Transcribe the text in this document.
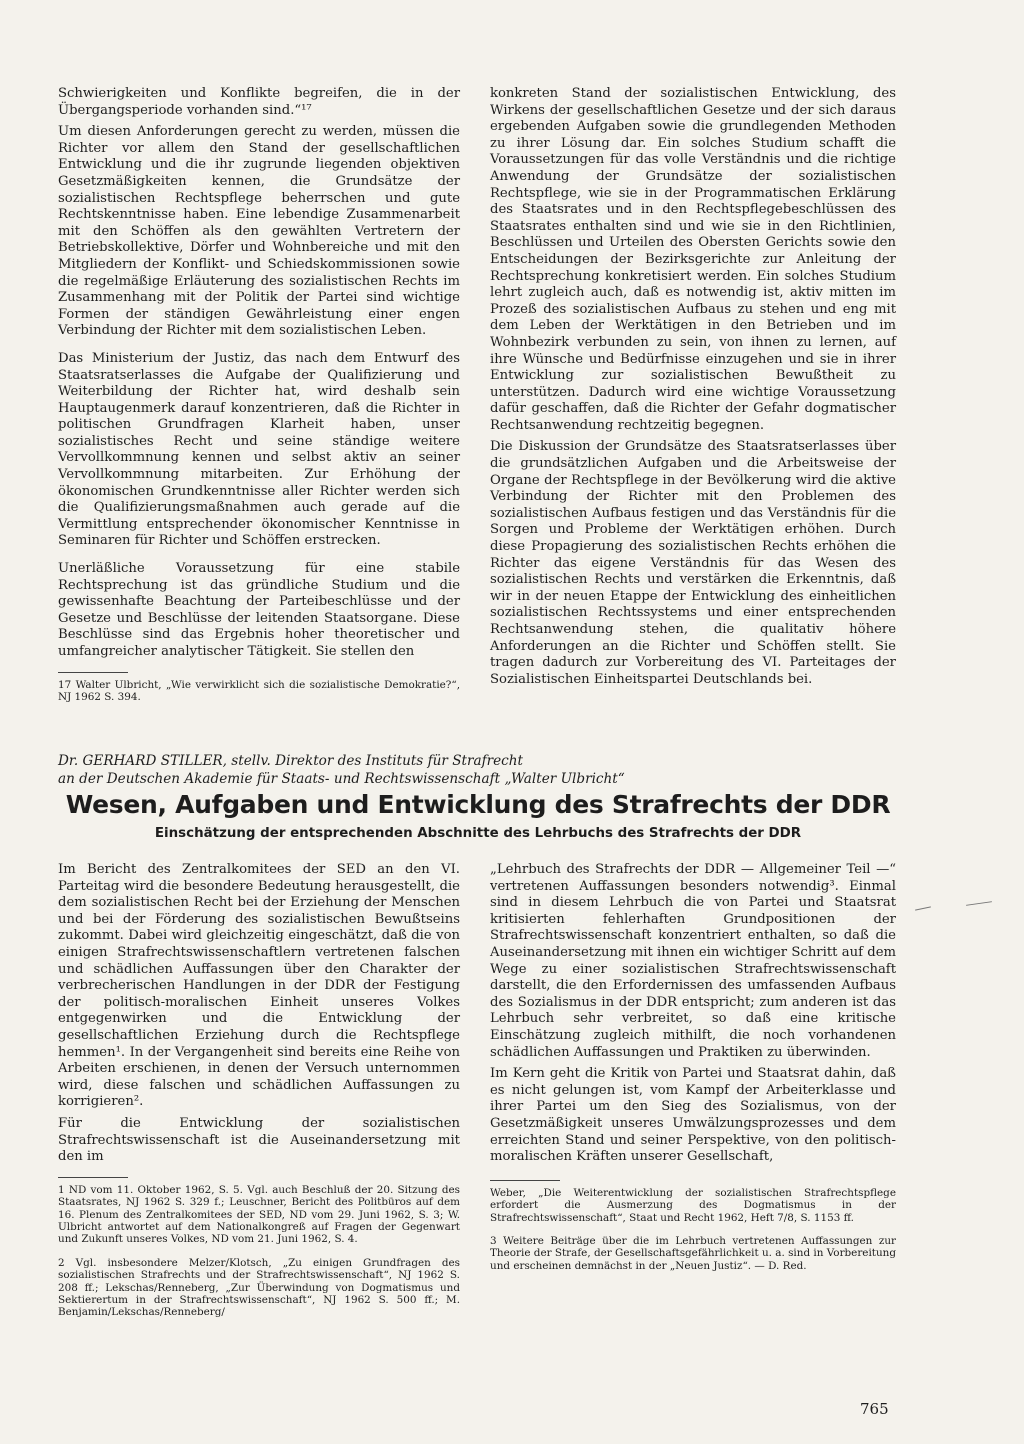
Schwierigkeiten und Konflikte begreifen, die in der Übergangsperiode vorhanden sind.“¹⁷

Um diesen Anforderungen gerecht zu werden, müssen die Richter vor allem den Stand der gesellschaftlichen Entwicklung und die ihr zugrunde liegenden objektiven Gesetzmäßigkeiten kennen, die Grundsätze der sozialistischen Rechtspflege beherrschen und gute Rechtskenntnisse haben. Eine lebendige Zusammenarbeit mit den Schöffen als den gewählten Vertretern der Betriebskollektive, Dörfer und Wohnbereiche und mit den Mitgliedern der Konflikt- und Schiedskommissionen sowie die regelmäßige Erläuterung des sozialistischen Rechts im Zusammenhang mit der Politik der Partei sind wichtige Formen der ständigen Gewährleistung einer engen Verbindung der Richter mit dem sozialistischen Leben.

Das Ministerium der Justiz, das nach dem Entwurf des Staatsratserlasses die Aufgabe der Qualifizierung und Weiterbildung der Richter hat, wird deshalb sein Hauptaugenmerk darauf konzentrieren, daß die Richter in politischen Grundfragen Klarheit haben, unser sozialistisches Recht und seine ständige weitere Vervollkommnung kennen und selbst aktiv an seiner Vervollkommnung mitarbeiten. Zur Erhöhung der ökonomischen Grundkenntnisse aller Richter werden sich die Qualifizierungsmaßnahmen auch gerade auf die Vermittlung entsprechender ökonomischer Kenntnisse in Seminaren für Richter und Schöffen erstrecken.

Unerläßliche Voraussetzung für eine stabile Rechtsprechung ist das gründliche Studium und die gewissenhafte Beachtung der Parteibeschlüsse und der Gesetze und Beschlüsse der leitenden Staatsorgane. Diese Beschlüsse sind das Ergebnis hoher theoretischer und umfangreicher analytischer Tätigkeit. Sie stellen den

17 Walter Ulbricht, „Wie verwirklicht sich die sozialistische Demokratie?“, NJ 1962 S. 394.

konkreten Stand der sozialistischen Entwicklung, des Wirkens der gesellschaftlichen Gesetze und der sich daraus ergebenden Aufgaben sowie die grundlegenden Methoden zu ihrer Lösung dar. Ein solches Studium schafft die Voraussetzungen für das volle Verständnis und die richtige Anwendung der Grundsätze der sozialistischen Rechtspflege, wie sie in der Programmatischen Erklärung des Staatsrates und in den Rechtspflegebeschlüssen des Staatsrates enthalten sind und wie sie in den Richtlinien, Beschlüssen und Urteilen des Obersten Gerichts sowie den Entscheidungen der Bezirksgerichte zur Anleitung der Rechtsprechung konkretisiert werden. Ein solches Studium lehrt zugleich auch, daß es notwendig ist, aktiv mitten im Prozeß des sozialistischen Aufbaus zu stehen und eng mit dem Leben der Werktätigen in den Betrieben und im Wohnbezirk verbunden zu sein, von ihnen zu lernen, auf ihre Wünsche und Bedürfnisse einzugehen und sie in ihrer Entwicklung zur sozialistischen Bewußtheit zu unterstützen. Dadurch wird eine wichtige Voraussetzung dafür geschaffen, daß die Richter der Gefahr dogmatischer Rechtsanwendung rechtzeitig begegnen.

Die Diskussion der Grundsätze des Staatsratserlasses über die grundsätzlichen Aufgaben und die Arbeitsweise der Organe der Rechtspflege in der Bevölkerung wird die aktive Verbindung der Richter mit den Problemen des sozialistischen Aufbaus festigen und das Verständnis für die Sorgen und Probleme der Werktätigen erhöhen. Durch diese Propagierung des sozialistischen Rechts erhöhen die Richter das eigene Verständnis für das Wesen des sozialistischen Rechts und verstärken die Erkenntnis, daß wir in der neuen Etappe der Entwicklung des einheitlichen sozialistischen Rechtssystems und einer entsprechenden Rechtsanwendung stehen, die qualitativ höhere Anforderungen an die Richter und Schöffen stellt. Sie tragen dadurch zur Vorbereitung des VI. Parteitages der Sozialistischen Einheitspartei Deutschlands bei.

Dr. GERHARD STILLER, stellv. Direktor des Instituts für Strafrecht
an der Deutschen Akademie für Staats- und Rechtswissenschaft „Walter Ulbricht“
Wesen, Aufgaben und Entwicklung des Strafrechts der DDR
Einschätzung der entsprechenden Abschnitte des Lehrbuchs des Strafrechts der DDR

Im Bericht des Zentralkomitees der SED an den VI. Parteitag wird die besondere Bedeutung herausgestellt, die dem sozialistischen Recht bei der Erziehung der Menschen und bei der Förderung des sozialistischen Bewußtseins zukommt. Dabei wird gleichzeitig eingeschätzt, daß die von einigen Strafrechtswissenschaftlern vertretenen falschen und schädlichen Auffassungen über den Charakter der verbrecherischen Handlungen in der DDR der Festigung der politisch-moralischen Einheit unseres Volkes entgegenwirken und die Entwicklung der gesellschaftlichen Erziehung durch die Rechtspflege hemmen¹. In der Vergangenheit sind bereits eine Reihe von Arbeiten erschienen, in denen der Versuch unternommen wird, diese falschen und schädlichen Auffassungen zu korrigieren².

Für die Entwicklung der sozialistischen Strafrechtswissenschaft ist die Auseinandersetzung mit den im

1 ND vom 11. Oktober 1962, S. 5. Vgl. auch Beschluß der 20. Sitzung des Staatsrates, NJ 1962 S. 329 f.; Leuschner, Bericht des Politbüros auf dem 16. Plenum des Zentralkomitees der SED, ND vom 29. Juni 1962, S. 3; W. Ulbricht antwortet auf dem Nationalkongreß auf Fragen der Gegenwart und Zukunft unseres Volkes, ND vom 21. Juni 1962, S. 4.

2 Vgl. insbesondere Melzer/Klotsch, „Zu einigen Grundfragen des sozialistischen Strafrechts und der Strafrechtswissenschaft“, NJ 1962 S. 208 ff.; Lekschas/Renneberg, „Zur Überwindung von Dogmatismus und Sektierertum in der Strafrechtswissenschaft“, NJ 1962 S. 500 ff.; M. Benjamin/Lekschas/Renneberg/

„Lehrbuch des Strafrechts der DDR — Allgemeiner Teil —“ vertretenen Auffassungen besonders notwendig³. Einmal sind in diesem Lehrbuch die von Partei und Staatsrat kritisierten fehlerhaften Grundpositionen der Strafrechtswissenschaft konzentriert enthalten, so daß die Auseinandersetzung mit ihnen ein wichtiger Schritt auf dem Wege zu einer sozialistischen Strafrechtswissenschaft darstellt, die den Erfordernissen des umfassenden Aufbaus des Sozialismus in der DDR entspricht; zum anderen ist das Lehrbuch sehr verbreitet, so daß eine kritische Einschätzung zugleich mithilft, die noch vorhandenen schädlichen Auffassungen und Praktiken zu überwinden.

Im Kern geht die Kritik von Partei und Staatsrat dahin, daß es nicht gelungen ist, vom Kampf der Arbeiterklasse und ihrer Partei um den Sieg des Sozialismus, von der Gesetzmäßigkeit unseres Umwälzungsprozesses und dem erreichten Stand und seiner Perspektive, von den politisch-moralischen Kräften unserer Gesellschaft,

Weber, „Die Weiterentwicklung der sozialistischen Strafrechtspflege erfordert die Ausmerzung des Dogmatismus in der Strafrechtswissenschaft“, Staat und Recht 1962, Heft 7/8, S. 1153 ff.

3 Weitere Beiträge über die im Lehrbuch vertretenen Auffassungen zur Theorie der Strafe, der Gesellschaftsgefährlichkeit u. a. sind in Vorbereitung und erscheinen demnächst in der „Neuen Justiz“. — D. Red.

765
